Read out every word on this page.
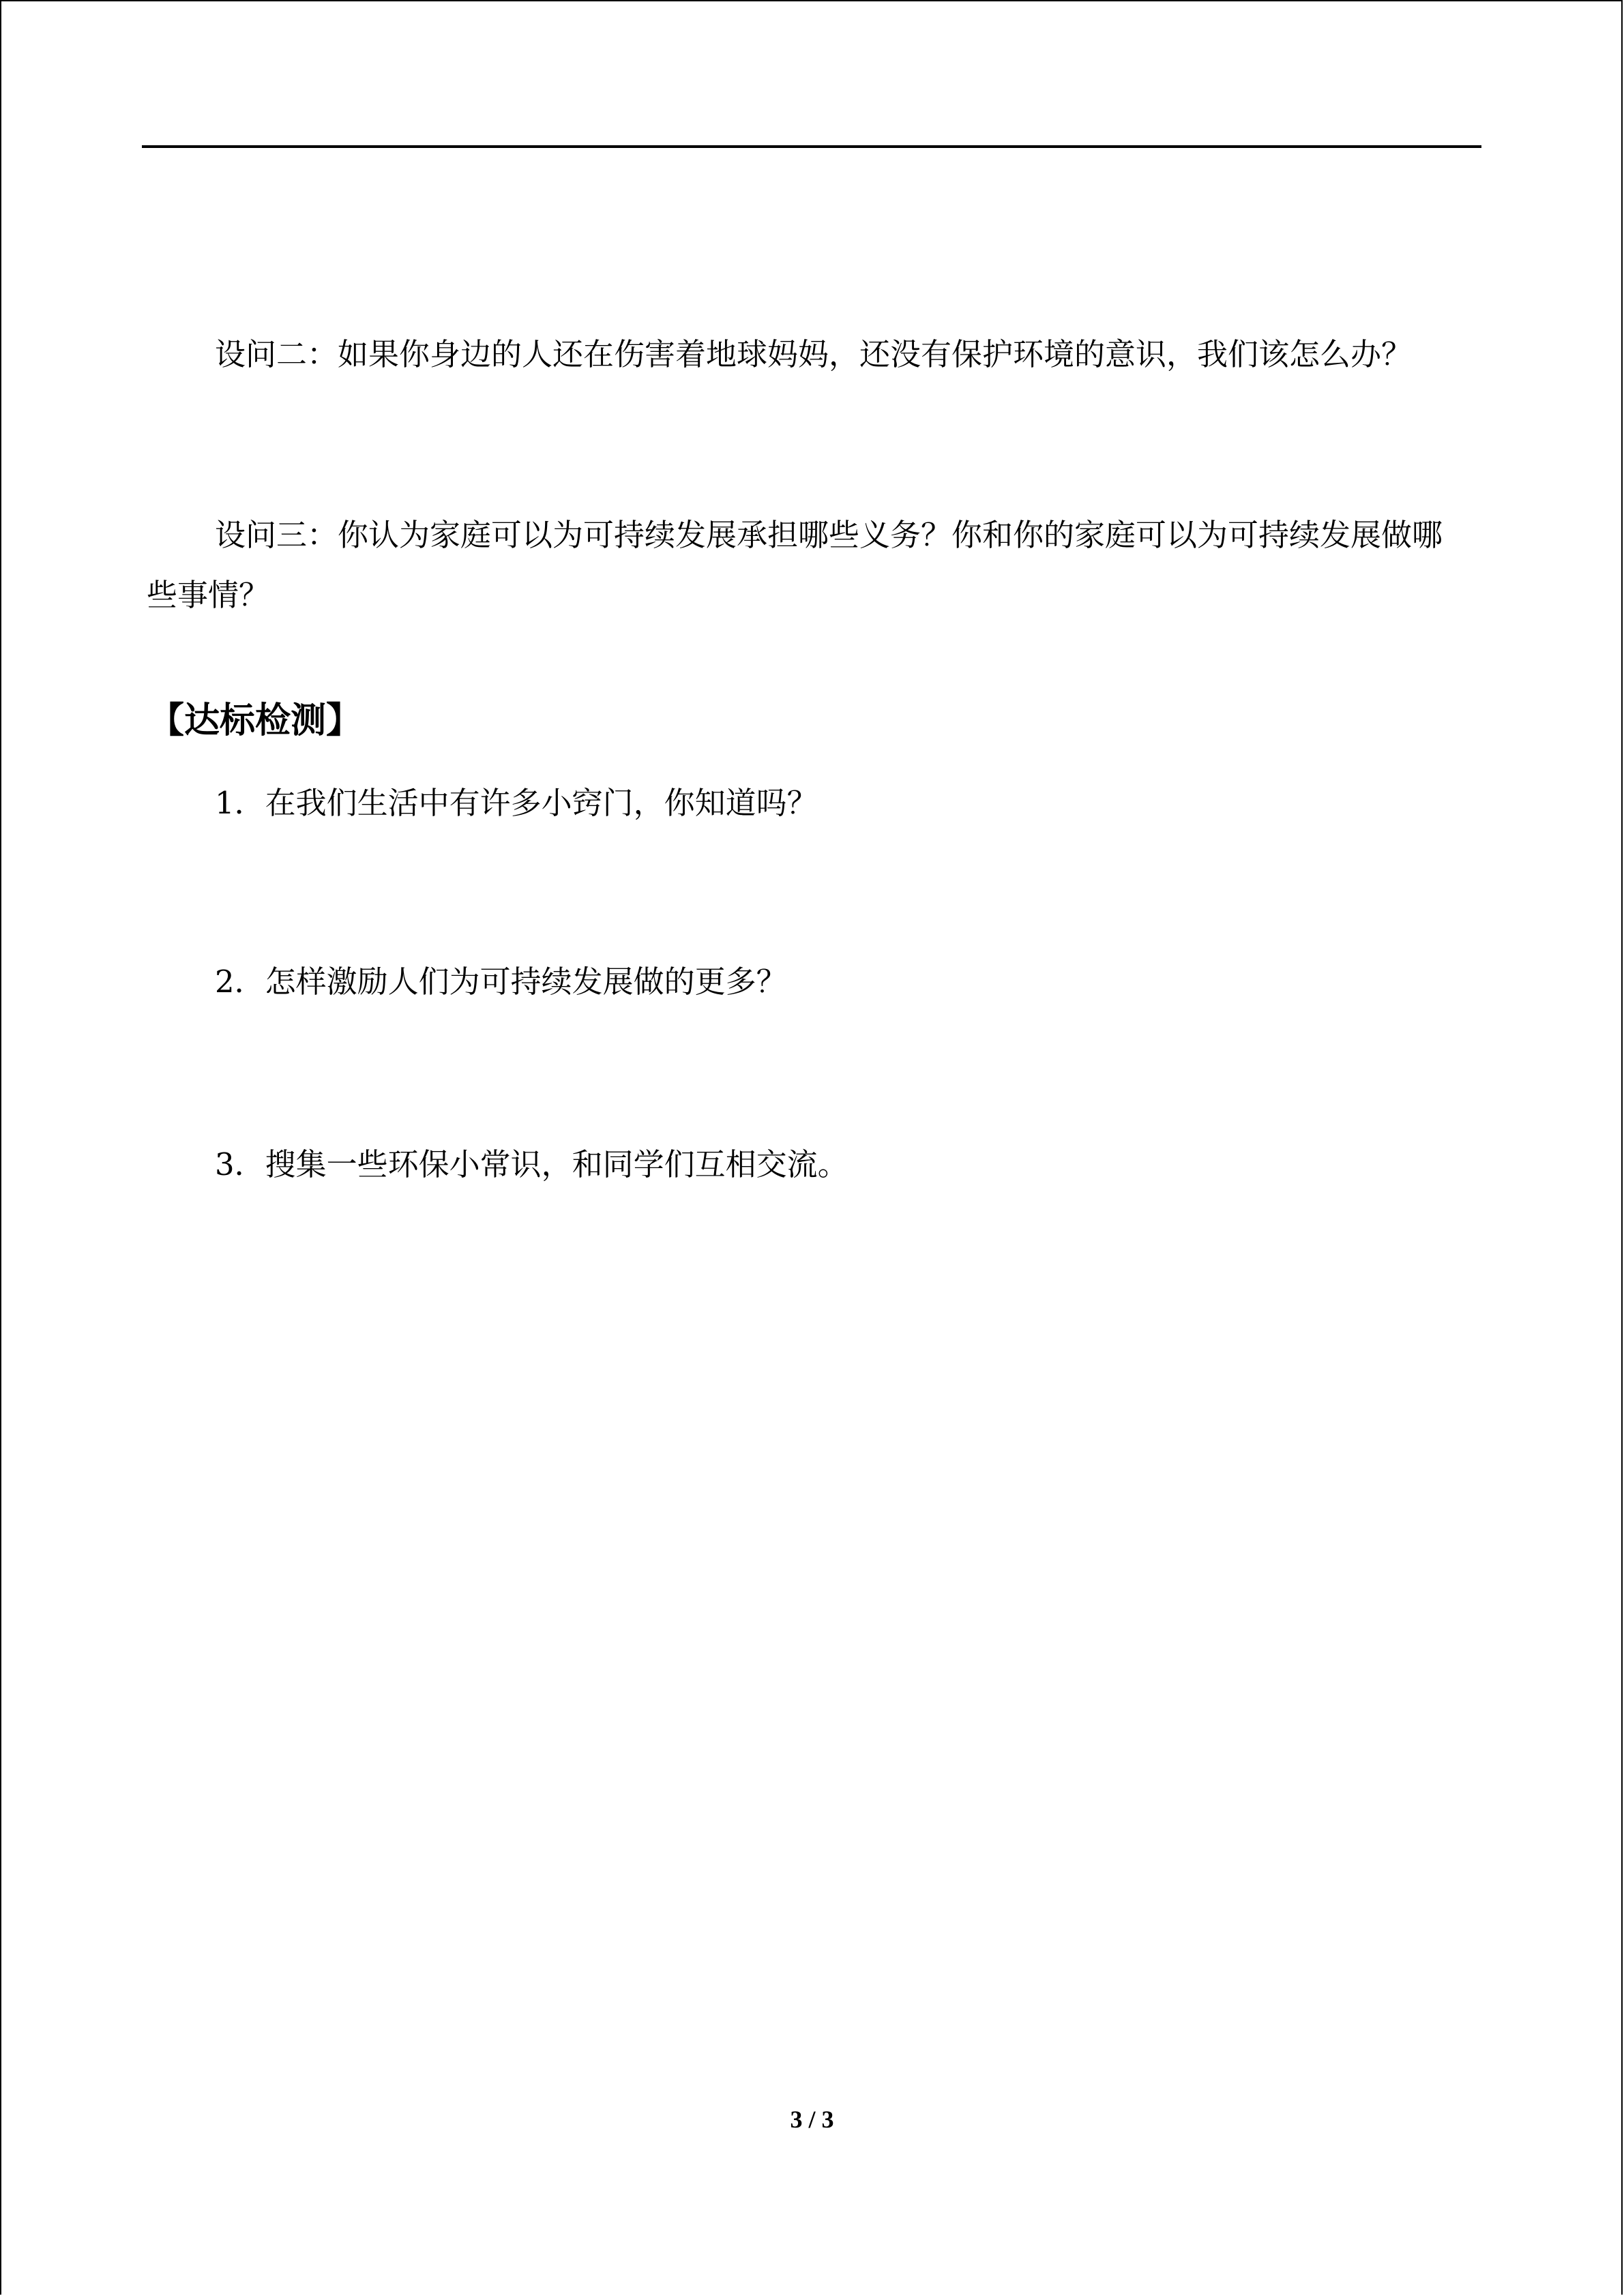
设问二：如果你身边的人还在伤害着地球妈妈，还没有保护环境的意识，我们该怎么办？

设问三：你认为家庭可以为可持续发展承担哪些义务？你和你的家庭可以为可持续发展做哪些事情？

【达标检测】

1．在我们生活中有许多小窍门，你知道吗？

2．怎样激励人们为可持续发展做的更多？

3．搜集一些环保小常识，和同学们互相交流。

3 / 3
